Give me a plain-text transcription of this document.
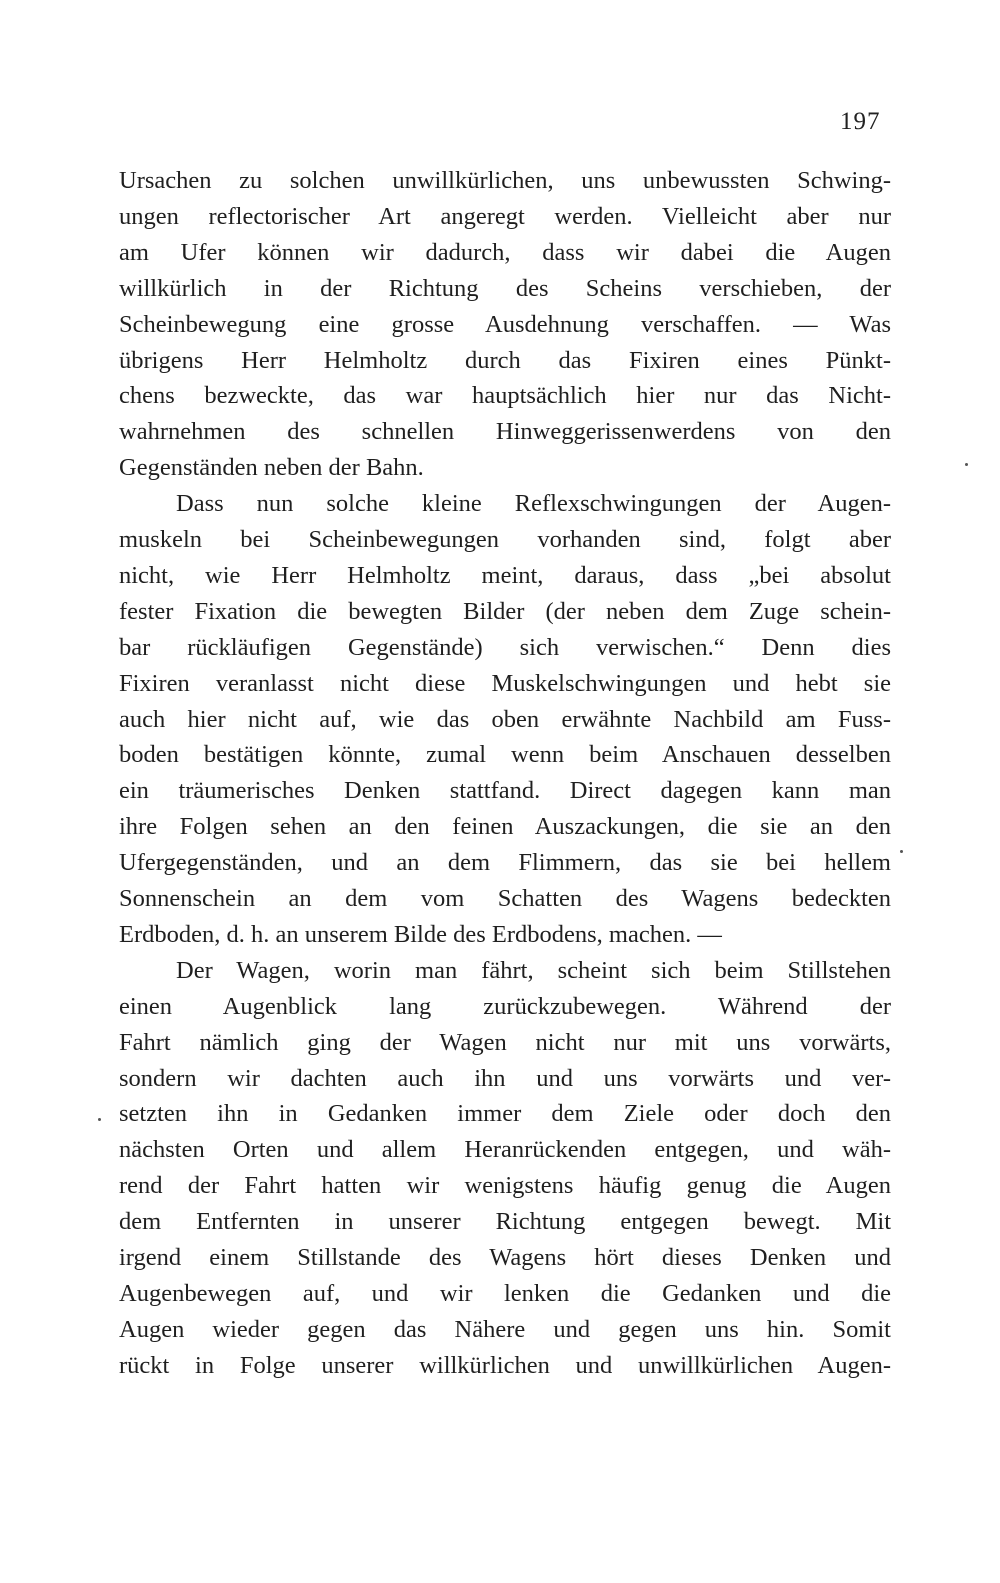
197
Ursachen zu solchen unwillkürlichen, uns unbewussten Schwing-
ungen reflectorischer Art angeregt werden. Vielleicht aber nur
am Ufer können wir dadurch, dass wir dabei die Augen
willkürlich in der Richtung des Scheins verschieben, der
Scheinbewegung eine grosse Ausdehnung verschaffen. — Was
übrigens Herr Helmholtz durch das Fixiren eines Pünkt-
chens bezweckte, das war hauptsächlich hier nur das Nicht-
wahrnehmen des schnellen Hinweggerissenwerdens von den
Gegenständen neben der Bahn.
Dass nun solche kleine Reflexschwingungen der Augen-
muskeln bei Scheinbewegungen vorhanden sind, folgt aber
nicht, wie Herr Helmholtz meint, daraus, dass „bei absolut
fester Fixation die bewegten Bilder (der neben dem Zuge schein-
bar rückläufigen Gegenstände) sich verwischen.“ Denn dies
Fixiren veranlasst nicht diese Muskelschwingungen und hebt sie
auch hier nicht auf, wie das oben erwähnte Nachbild am Fuss-
boden bestätigen könnte, zumal wenn beim Anschauen desselben
ein träumerisches Denken stattfand. Direct dagegen kann man
ihre Folgen sehen an den feinen Auszackungen, die sie an den
Ufergegenständen, und an dem Flimmern, das sie bei hellem
Sonnenschein an dem vom Schatten des Wagens bedeckten
Erdboden, d. h. an unserem Bilde des Erdbodens, machen. —
Der Wagen, worin man fährt, scheint sich beim Stillstehen
einen Augenblick lang zurückzubewegen. Während der
Fahrt nämlich ging der Wagen nicht nur mit uns vorwärts,
sondern wir dachten auch ihn und uns vorwärts und ver-
setzten ihn in Gedanken immer dem Ziele oder doch den
nächsten Orten und allem Heranrückenden entgegen, und wäh-
rend der Fahrt hatten wir wenigstens häufig genug die Augen
dem Entfernten in unserer Richtung entgegen bewegt. Mit
irgend einem Stillstande des Wagens hört dieses Denken und
Augenbewegen auf, und wir lenken die Gedanken und die
Augen wieder gegen das Nähere und gegen uns hin. Somit
rückt in Folge unserer willkürlichen und unwillkürlichen Augen-
